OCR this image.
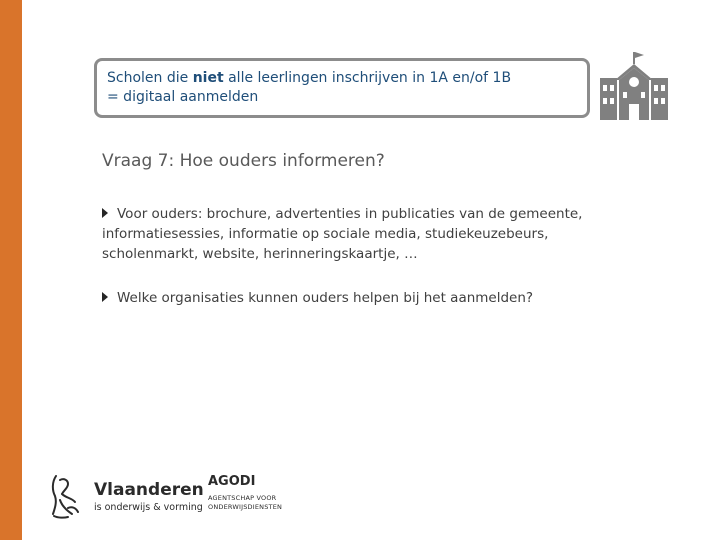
Scholen die niet alle leerlingen inschrijven in 1A en/of 1B
= digitaal aanmelden
Vraag 7: Hoe ouders informeren?
Voor ouders: brochure, advertenties in publicaties van de gemeente, informatiesessies, informatie op sociale media, studiekeuzebeurs, scholenmarkt, website, herinneringskaartje, …
Welke organisaties kunnen ouders helpen bij het aanmelden?
Vlaanderen
is onderwijs & vorming
AGODI
AGENTSCHAP VOOR
ONDERWIJSDIENSTEN
